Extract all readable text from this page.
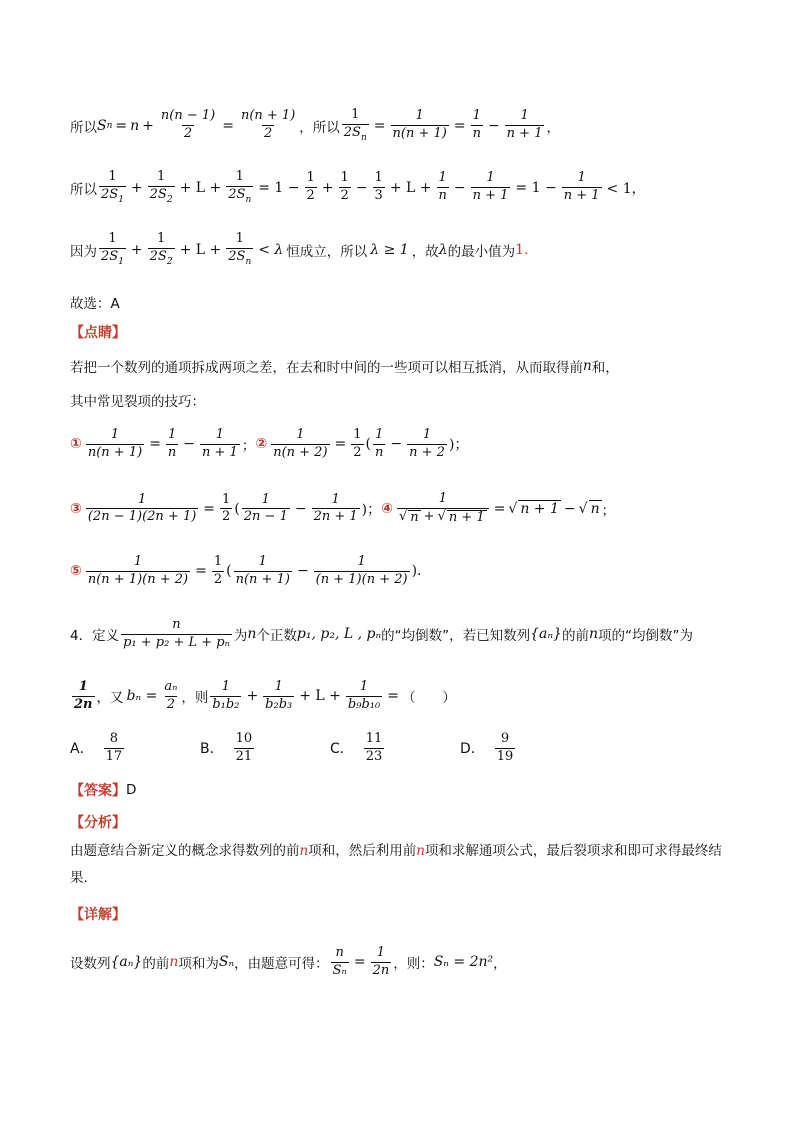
所以 S $n = n + \frac{n(n - 1)}{2} = \frac{n(n + 1)}{2}$ ，所以 $\frac{1}{2S_n} = \frac{1}{n(n + 1)} = \frac{1}{n} - \frac{1}{n + 1}$ ，
所以 $\frac{1}{2S_1} + \frac{1}{2S_2} + L + \frac{1}{2S_n} = 1 - \frac{1}{2} + \frac{1}{2} - \frac{1}{3} + L + \frac{1}{n} - \frac{1}{n + 1} = 1 - \frac{1}{n + 1} < 1$，
因为 $\frac{1}{2S_1} + \frac{1}{2S_2} + L + \frac{1}{2S_n} < \lambda$ 恒成立，所以 λ ≥ 1 ，故 λ 的最小值为 1.
故选：A
【点睛】
若把一个数列的通项拆成两项之差，在去和时中间的一些项可以相互抵消，从而取得前 n 和，
其中常见裂项的技巧：
① $\frac{1}{n(n + 1)} = \frac{1}{n} - \frac{1}{n + 1}$ ； ② $\frac{1}{n(n + 2)} = \frac{1}{2}$ ( $\frac{1}{n} - \frac{1}{n + 2}$ )；
③ $\frac{1}{(2n - 1)(2n + 1)} = \frac{1}{2}$ ( $\frac{1}{2n - 1} - \frac{1}{2n + 1}$ )； ④ $\frac{1}{√ n + √ n + 1}$ = √ n + 1 − √ n ；
⑤ $\frac{1}{n(n + 1)(n + 2)} = \frac{1}{2}$ ( $\frac{1}{n(n + 1)} - \frac{1}{(n + 1)(n + 2)}$ ).
4．定义 $\frac{n}{\text{p₁ + p₂ + L + pₙ}}$ 为 n 个正数 p₁, p₂, L , pₙ 的“均倒数”，若已知数列 {aₙ} 的前 n 项的“均倒数”为
$\frac{1}{2n}$ ，又 $b_n = \frac{\text{aₙ}}{2}$ ，则 $\frac{1}{\text{b₁b₂}} + \frac{1}{\text{b₂b₃}} + L + \frac{1}{\text{b₉b₁₀}}$ = （　　）
A． $\frac{8}{17}$	B． $\frac{10}{21}$	C． $\frac{11}{23}$	D． $\frac{9}{19}$
【答案】 D
【分析】
由题意结合新定义的概念求得数列的前n项和，然后利用前n项和求解通项公式，最后裂项求和即可求得最终结果.
【详解】
设数列 {aₙ} 的前 n 项和为 Sₙ ，由题意可得： $\frac{n}{\text{Sₙ}} = \frac{1}{2n}$ ，则： Sₙ = 2n² ，
